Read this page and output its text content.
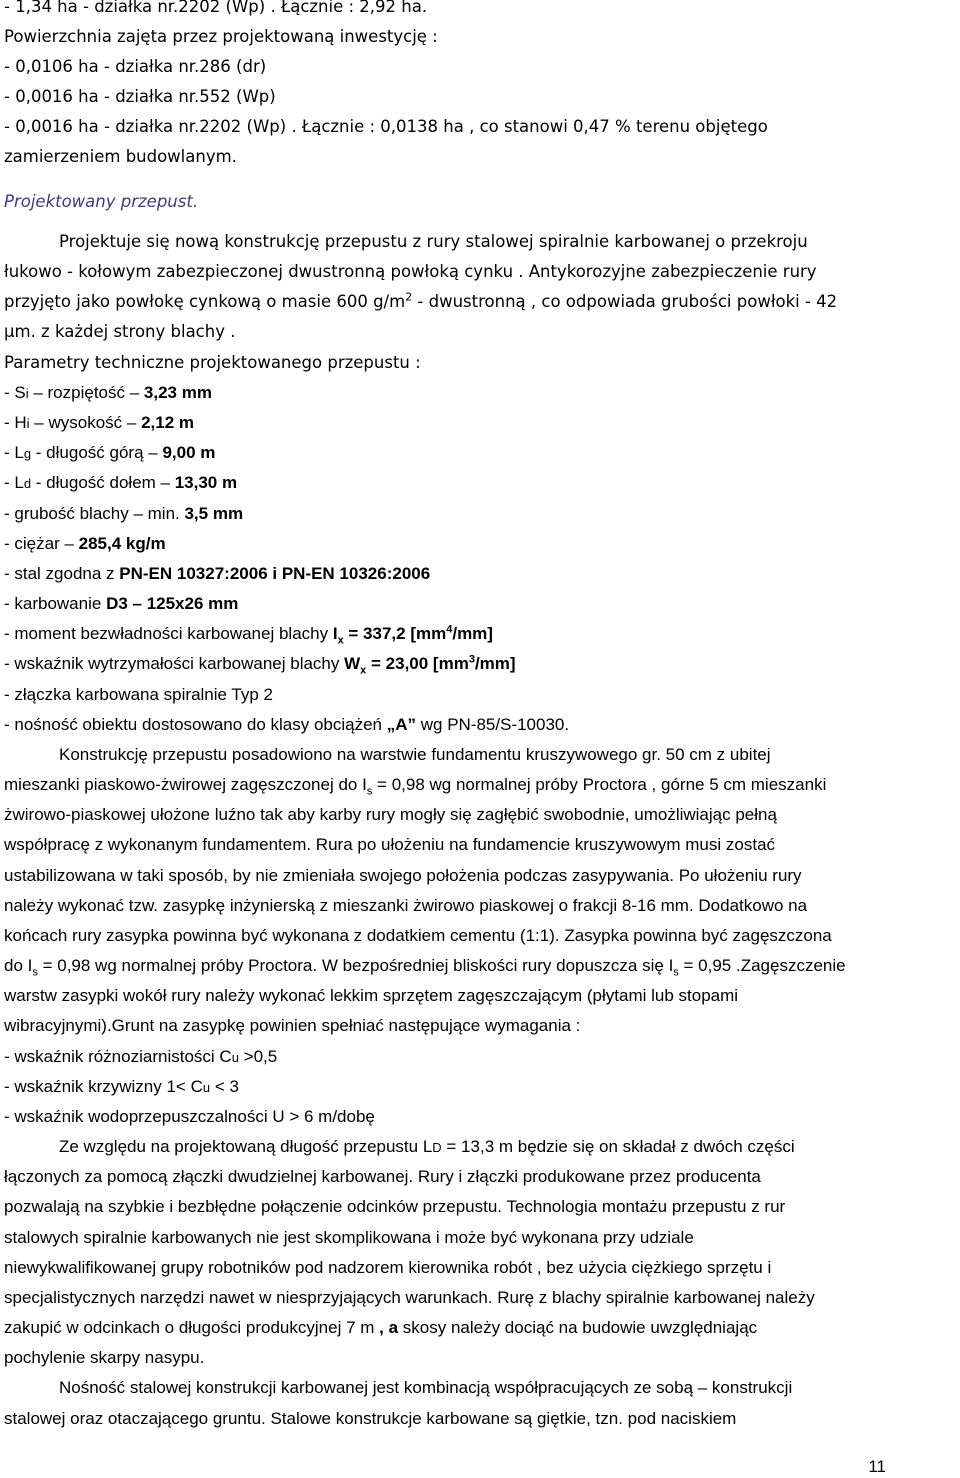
- 1,34 ha - działka nr.2202 (Wp) . Łącznie : 2,92 ha.
Powierzchnia zajęta przez projektowaną inwestycję :
- 0,0106 ha - działka nr.286 (dr)
- 0,0016 ha - działka nr.552 (Wp)
- 0,0016 ha - działka nr.2202 (Wp) . Łącznie : 0,0138 ha , co stanowi 0,47 % terenu objętego
zamierzeniem budowlanym.
Projektowany przepust.
Projektuje się nową konstrukcję przepustu z rury stalowej spiralnie karbowanej o przekroju
łukowo - kołowym zabezpieczonej dwustronną powłoką cynku . Antykorozyjne zabezpieczenie rury
przyjęto jako powłokę cynkową o masie 600 $g/m^2$ - dwustronną , co odpowiada grubości powłoki - 42
µm. z każdej strony blachy .
Parametry techniczne projektowanego przepustu :
- Si – rozpiętość – 3,23 mm
- Hi – wysokość – 2,12 m
- Lg - długość górą – 9,00 m
- Ld - długość dołem – 13,30 m
- grubość blachy – min. 3,5 mm
- ciężar – 285,4 kg/m
- stal zgodna z PN-EN 10327:2006 i PN-EN 10326:2006
- karbowanie D3 – 125x26 mm
- moment bezwładności karbowanej blachy $I_x = 337,2$ $[mm^4/mm]$
- wskaźnik wytrzymałości karbowanej blachy $W_x = 23,00$ $[mm^3/mm]$
- złączka karbowana spiralnie Typ 2
- nośność obiektu dostosowano do klasy obciążeń „A” wg PN-85/S-10030.
Konstrukcję przepustu posadowiono na warstwie fundamentu kruszywowego gr. 50 cm z ubitej
mieszanki piaskowo-żwirowej zagęszczonej do $I_s = 0,98$ wg normalnej próby Proctora , górne 5 cm mieszanki
żwirowo-piaskowej ułożone luźno tak aby karby rury mogły się zagłębić swobodnie, umożliwiając pełną
współpracę z wykonanym fundamentem. Rura po ułożeniu na fundamencie kruszywowym musi zostać
ustabilizowana w taki sposób, by nie zmieniała swojego położenia podczas zasypywania. Po ułożeniu rury
należy wykonać tzw. zasypkę inżynierską z mieszanki żwirowo piaskowej o frakcji 8-16 mm. Dodatkowo na
końcach rury zasypka powinna być wykonana z dodatkiem cementu (1:1). Zasypka powinna być zagęszczona
do $I_s = 0,98$ wg normalnej próby Proctora. W bezpośredniej bliskości rury dopuszcza się $I_s = 0,95$ .Zagęszczenie
warstw zasypki wokół rury należy wykonać lekkim sprzętem zagęszczającym (płytami lub stopami
wibracyjnymi).Grunt na zasypkę powinien spełniać następujące wymagania :
- wskaźnik różnoziarnistości Cu >0,5
- wskaźnik krzywizny 1< Cu < 3
- wskaźnik wodoprzepuszczalności U > 6 m/dobę
Ze względu na projektowaną długość przepustu LD = 13,3 m będzie się on składał z dwóch części
łączonych za pomocą złączki dwudzielnej karbowanej. Rury i złączki produkowane przez producenta
pozwalają na szybkie i bezbłędne połączenie odcinków przepustu. Technologia montażu przepustu z rur
stalowych spiralnie karbowanych nie jest skomplikowana i może być wykonana przy udziale
niewykwalifikowanej grupy robotników pod nadzorem kierownika robót , bez użycia ciężkiego sprzętu i
specjalistycznych narzędzi nawet w niesprzyjających warunkach. Rurę z blachy spiralnie karbowanej należy
zakupić w odcinkach o długości produkcyjnej 7 m , a skosy należy dociąć na budowie uwzględniając
pochylenie skarpy nasypu.
Nośność stalowej konstrukcji karbowanej jest kombinacją współpracujących ze sobą – konstrukcji
stalowej oraz otaczającego gruntu. Stalowe konstrukcje karbowane są giętkie, tzn. pod naciskiem
11
